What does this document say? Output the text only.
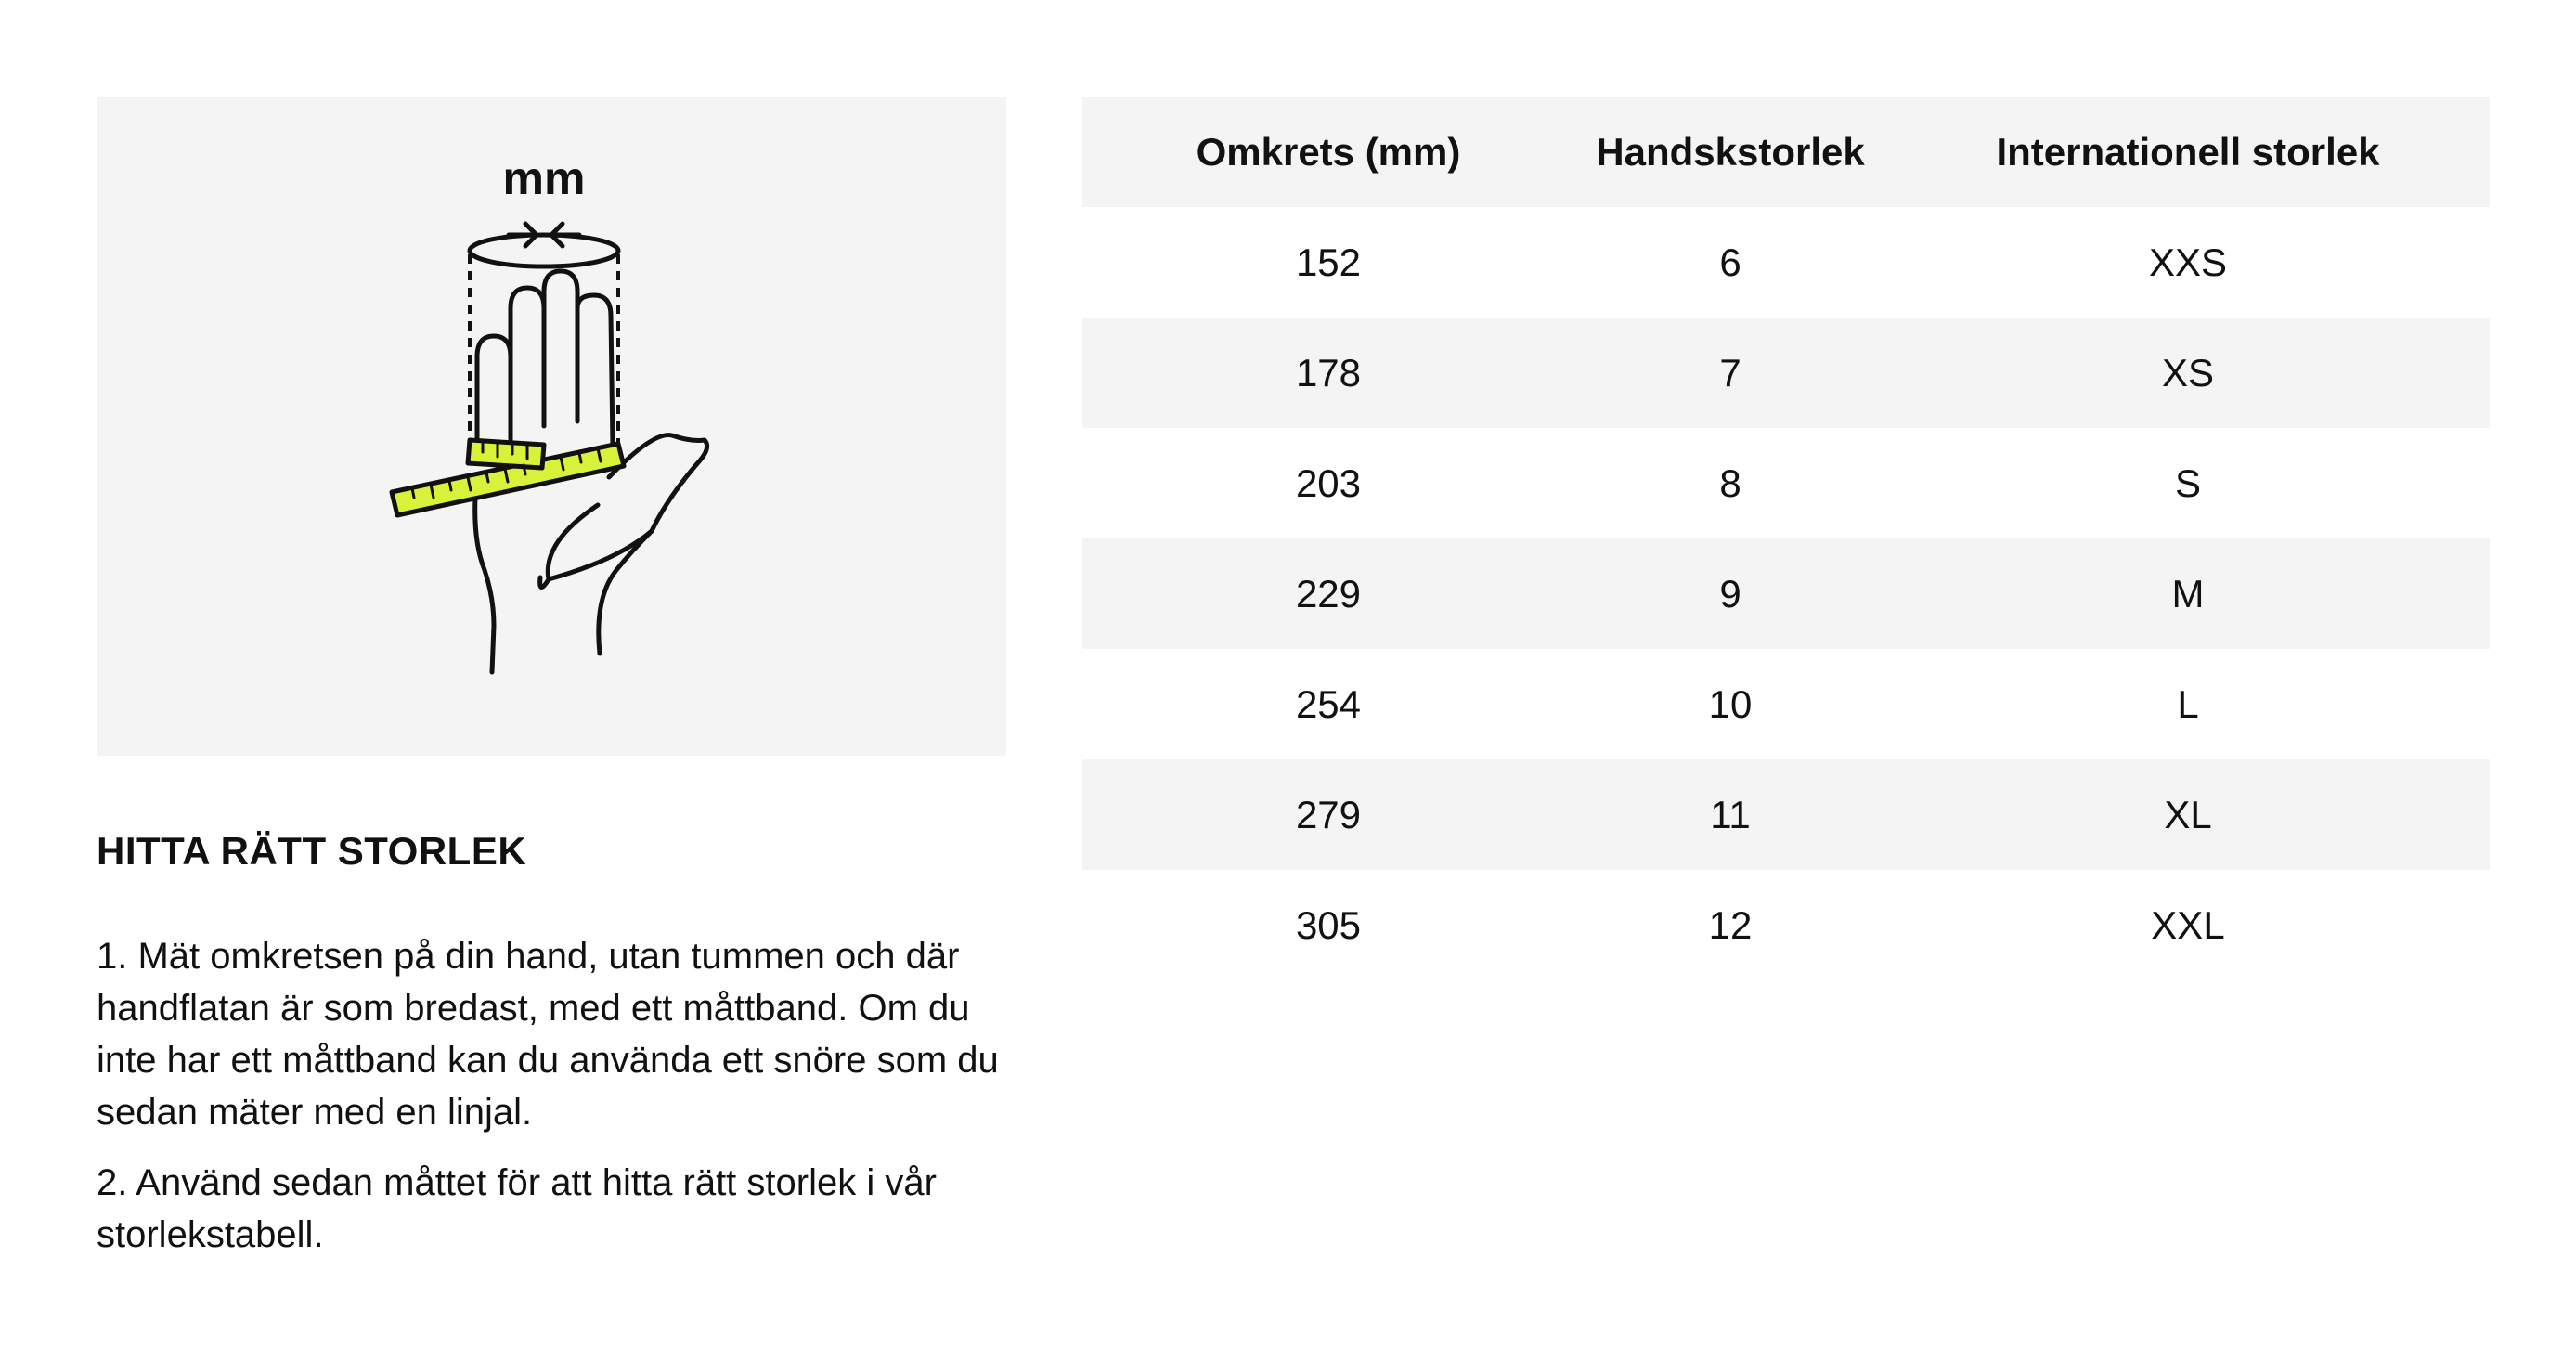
mm
HITTA RÄTT STORLEK

1. Mät omkretsen på din hand, utan tummen och där handflatan är som bredast, med ett måttband. Om du inte har ett måttband kan du använda ett snöre som du sedan mäter med en linjal.

2. Använd sedan måttet för att hitta rätt storlek i vår storlekstabell.

Omkrets (mm)	Handskstorlek	Internationell storlek
152	6	XXS
178	7	XS
203	8	S
229	9	M
254	10	L
279	11	XL
305	12	XXL
